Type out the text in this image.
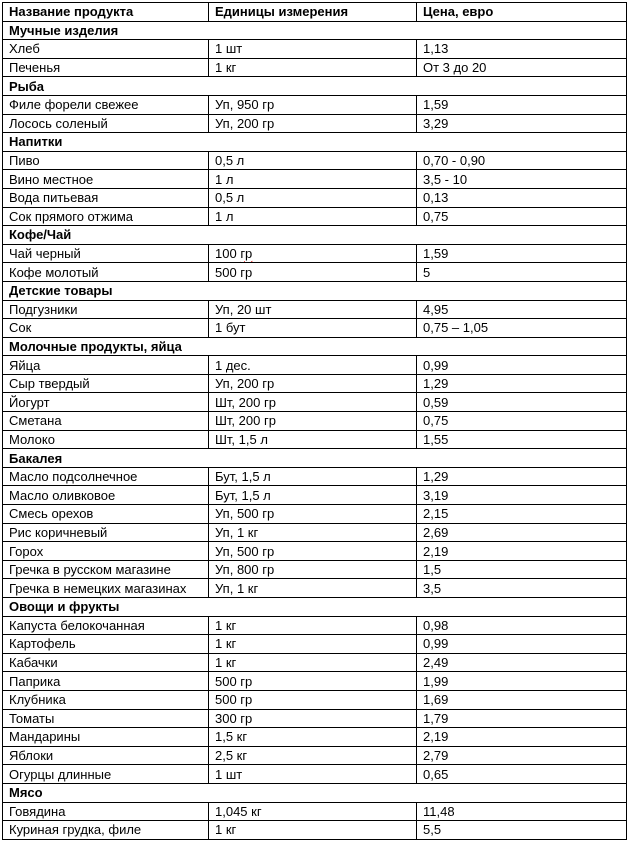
Название продукта	Единицы измерения	Цена, евро
Мучные изделия		
Хлеб	1 шт	1,13
Печенья	1 кг	От 3 до 20
Рыба		
Филе форели свежее	Уп, 950 гр	1,59
Лосось соленый	Уп, 200 гр	3,29
Напитки		
Пиво	0,5 л	0,70 - 0,90
Вино местное	1 л	3,5 - 10
Вода питьевая	0,5 л	0,13
Сок прямого отжима	1 л	0,75
Кофе/Чай		
Чай черный	100 гр	1,59
Кофе молотый	500 гр	5
Детские товары		
Подгузники	Уп, 20 шт	4,95
Сок	1 бут	0,75 – 1,05
Молочные продукты, яйца		
Яйца	1 дес.	0,99
Сыр твердый	Уп, 200 гр	1,29
Йогурт	Шт, 200 гр	0,59
Сметана	Шт, 200 гр	0,75
Молоко	Шт, 1,5 л	1,55
Бакалея		
Масло подсолнечное	Бут, 1,5 л	1,29
Масло оливковое	Бут, 1,5 л	3,19
Смесь орехов	Уп, 500 гр	2,15
Рис коричневый	Уп, 1 кг	2,69
Горох	Уп, 500 гр	2,19
Гречка в русском магазине	Уп, 800 гр	1,5
Гречка в немецких магазинах	Уп, 1 кг	3,5
Овощи и фрукты		
Капуста белокочанная	1 кг	0,98
Картофель	1 кг	0,99
Кабачки	1 кг	2,49
Паприка	500 гр	1,99
Клубника	500 гр	1,69
Томаты	300 гр	1,79
Мандарины	1,5 кг	2,19
Яблоки	2,5 кг	2,79
Огурцы длинные	1 шт	0,65
Мясо		
Говядина	1,045 кг	11,48
Куриная грудка, филе	1 кг	5,5
